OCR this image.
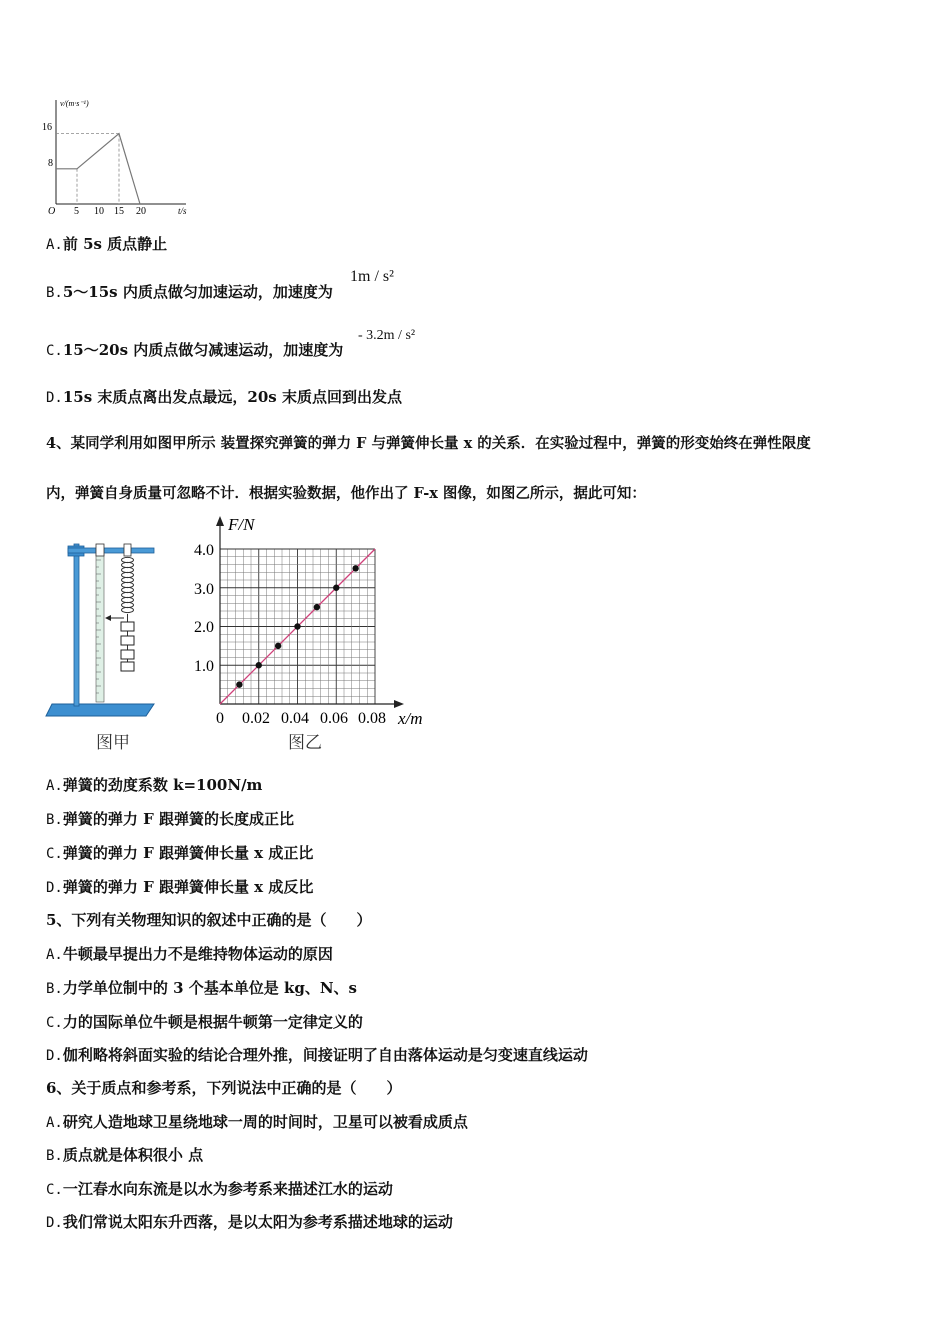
v/(m·s⁻¹)
t/s
O
16
8
5 10 15 20
A.前 5s 质点静止
B.5～15s 内质点做匀加速运动，加速度为
1m / s²
C.15～20s 内质点做匀减速运动，加速度为
- 3.2m / s²
D.15s 末质点离出发点最远，20s 末质点回到出发点
4、某同学利用如图甲所示 装置探究弹簧的弹力 F 与弹簧伸长量 x 的关系．在实验过程中，弹簧的形变始终在弹性限度
内，弹簧自身质量可忽略不计．根据实验数据，他作出了 F-x 图像，如图乙所示，据此可知：
图甲
F/N
x/m
0
1.0
2.0
3.0
4.0
0.02 0.04 0.06 0.08
图乙
A.弹簧的劲度系数 k=100N/m
B.弹簧的弹力 F 跟弹簧的长度成正比
C.弹簧的弹力 F 跟弹簧伸长量 x 成正比
D.弹簧的弹力 F 跟弹簧伸长量 x 成反比
5、下列有关物理知识的叙述中正确的是（　　）
A.牛顿最早提出力不是维持物体运动的原因
B.力学单位制中的 3 个基本单位是 kg、N、s
C.力的国际单位牛顿是根据牛顿第一定律定义的
D.伽利略将斜面实验的结论合理外推，间接证明了自由落体运动是匀变速直线运动
6、关于质点和参考系，下列说法中正确的是（　　）
A.研究人造地球卫星绕地球一周的时间时，卫星可以被看成质点
B.质点就是体积很小 点
C.一江春水向东流是以水为参考系来描述江水的运动
D.我们常说太阳东升西落，是以太阳为参考系描述地球的运动
